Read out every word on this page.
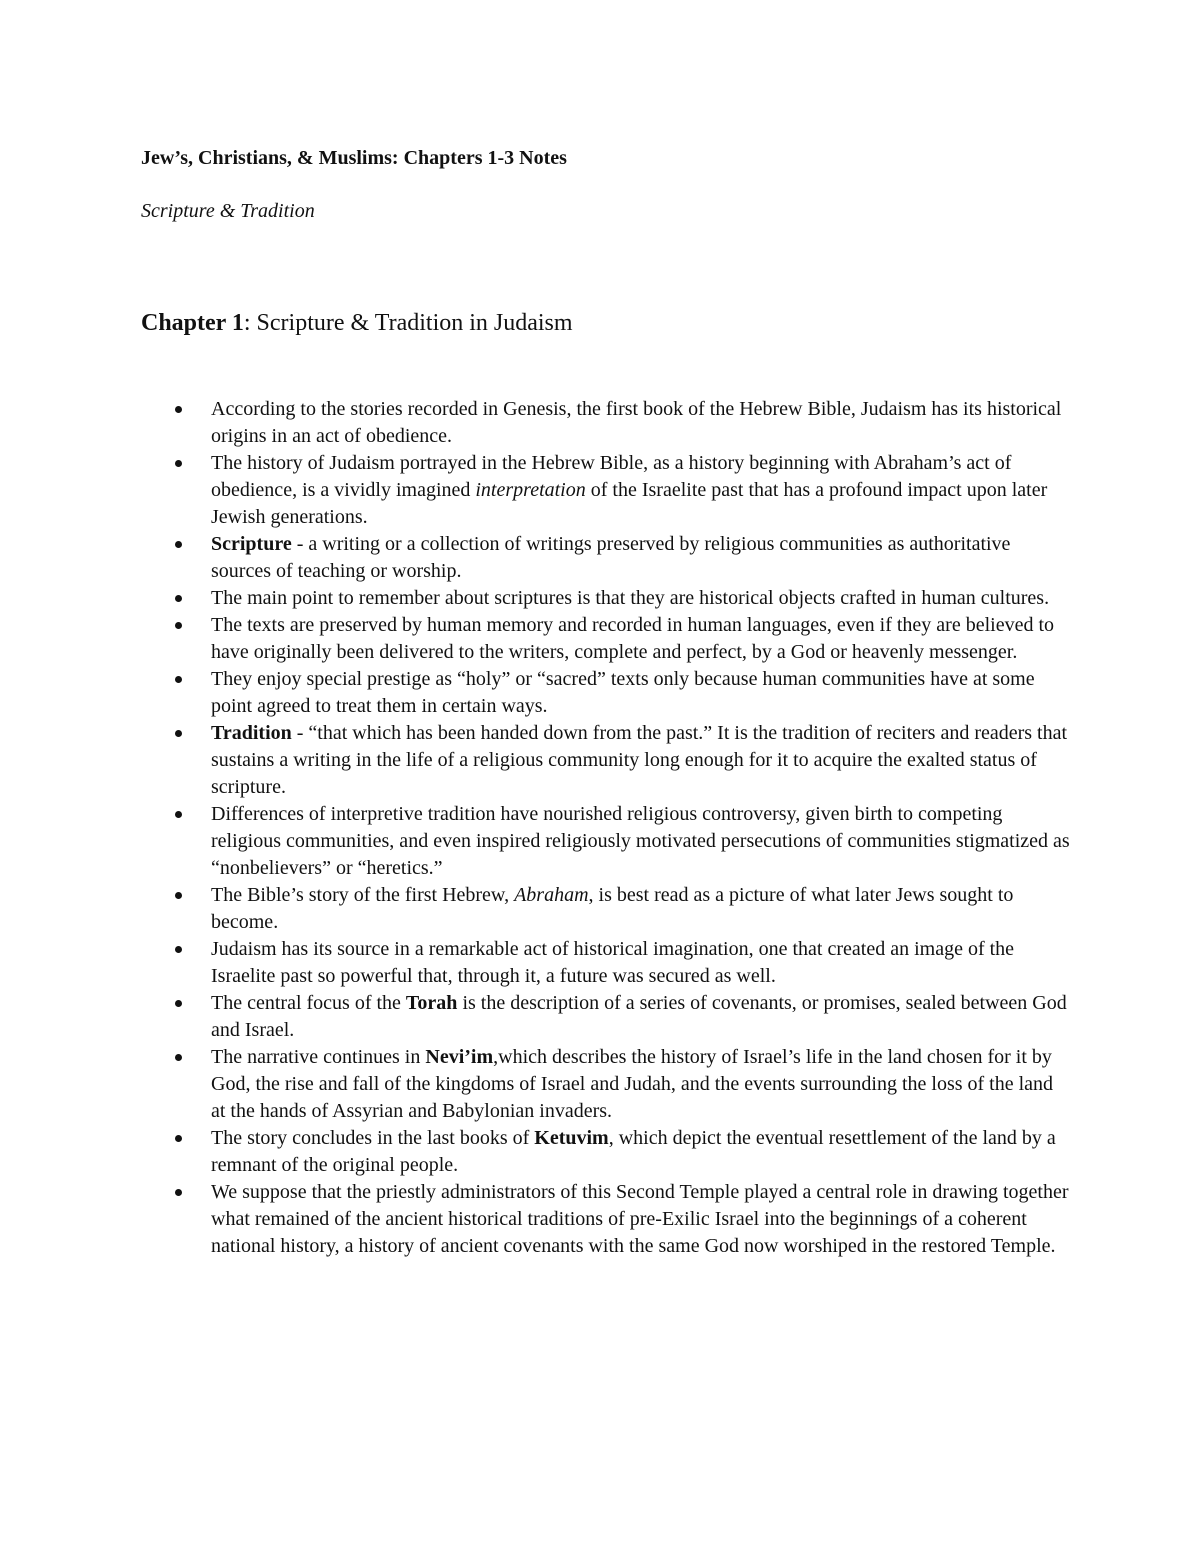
Jew’s, Christians, & Muslims: Chapters 1-3 Notes
Scripture & Tradition
Chapter 1: Scripture & Tradition in Judaism
According to the stories recorded in Genesis, the first book of the Hebrew Bible, Judaism has its historical origins in an act of obedience.
The history of Judaism portrayed in the Hebrew Bible, as a history beginning with Abraham’s act of obedience, is a vividly imagined interpretation of the Israelite past that has a profound impact upon later Jewish generations.
Scripture - a writing or a collection of writings preserved by religious communities as authoritative sources of teaching or worship.
The main point to remember about scriptures is that they are historical objects crafted in human cultures.
The texts are preserved by human memory and recorded in human languages, even if they are believed to have originally been delivered to the writers, complete and perfect, by a God or heavenly messenger.
They enjoy special prestige as “holy” or “sacred” texts only because human communities have at some point agreed to treat them in certain ways.
Tradition - “that which has been handed down from the past.” It is the tradition of reciters and readers that sustains a writing in the life of a religious community long enough for it to acquire the exalted status of scripture.
Differences of interpretive tradition have nourished religious controversy, given birth to competing religious communities, and even inspired religiously motivated persecutions of communities stigmatized as “nonbelievers” or “heretics.”
The Bible’s story of the first Hebrew, Abraham, is best read as a picture of what later Jews sought to become.
Judaism has its source in a remarkable act of historical imagination, one that created an image of the Israelite past so powerful that, through it, a future was secured as well.
The central focus of the Torah is the description of a series of covenants, or promises, sealed between God and Israel.
The narrative continues in Nevi’im,which describes the history of Israel’s life in the land chosen for it by God, the rise and fall of the kingdoms of Israel and Judah, and the events surrounding the loss of the land at the hands of Assyrian and Babylonian invaders.
The story concludes in the last books of Ketuvim, which depict the eventual resettlement of the land by a remnant of the original people.
We suppose that the priestly administrators of this Second Temple played a central role in drawing together what remained of the ancient historical traditions of pre-Exilic Israel into the beginnings of a coherent national history, a history of ancient covenants with the same God now worshiped in the restored Temple.
